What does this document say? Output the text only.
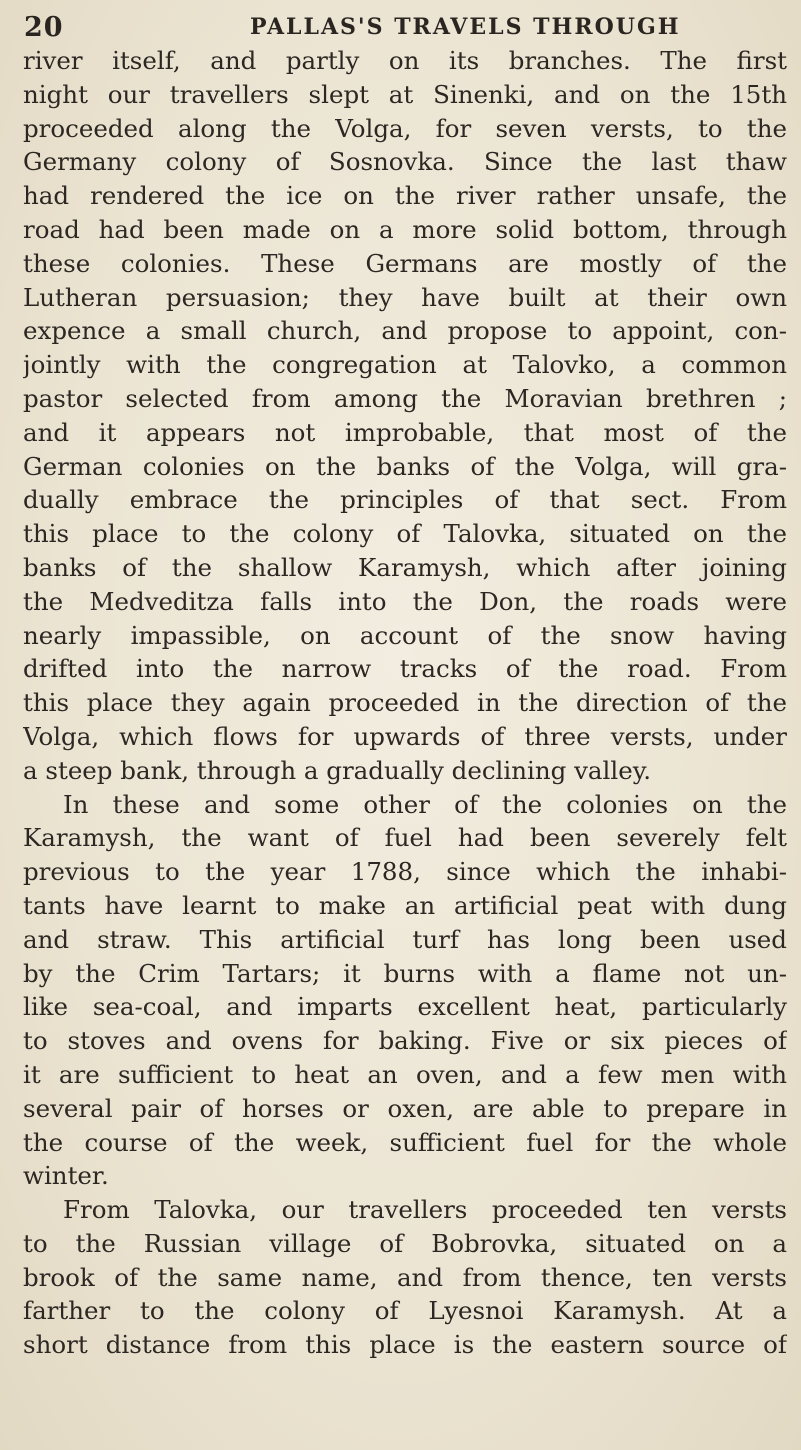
20	PALLAS'S TRAVELS THROUGH
river itself, and partly on its branches. The first
night our travellers slept at Sinenki, and on the 15th
proceeded along the Volga, for seven versts, to the
Germany colony of Sosnovka. Since the last thaw
had rendered the ice on the river rather unsafe, the
road had been made on a more solid bottom, through
these colonies. These Germans are mostly of the
Lutheran persuasion; they have built at their own
expence a small church, and propose to appoint, con-
jointly with the congregation at Talovko, a common
pastor selected from among the Moravian brethren ;
and it appears not improbable, that most of the
German colonies on the banks of the Volga, will gra-
dually embrace the principles of that sect. From
this place to the colony of Talovka, situated on the
banks of the shallow Karamysh, which after joining
the Medveditza falls into the Don, the roads were
nearly impassible, on account of the snow having
drifted into the narrow tracks of the road. From
this place they again proceeded in the direction of the
Volga, which flows for upwards of three versts, under
a steep bank, through a gradually declining valley.
In these and some other of the colonies on the
Karamysh, the want of fuel had been severely felt
previous to the year 1788, since which the inhabi-
tants have learnt to make an artificial peat with dung
and straw. This artificial turf has long been used
by the Crim Tartars; it burns with a flame not un-
like sea-coal, and imparts excellent heat, particularly
to stoves and ovens for baking. Five or six pieces of
it are sufficient to heat an oven, and a few men with
several pair of horses or oxen, are able to prepare in
the course of the week, sufficient fuel for the whole
winter.
From Talovka, our travellers proceeded ten versts
to the Russian village of Bobrovka, situated on a
brook of the same name, and from thence, ten versts
farther to the colony of Lyesnoi Karamysh. At a
short distance from this place is the eastern source of
